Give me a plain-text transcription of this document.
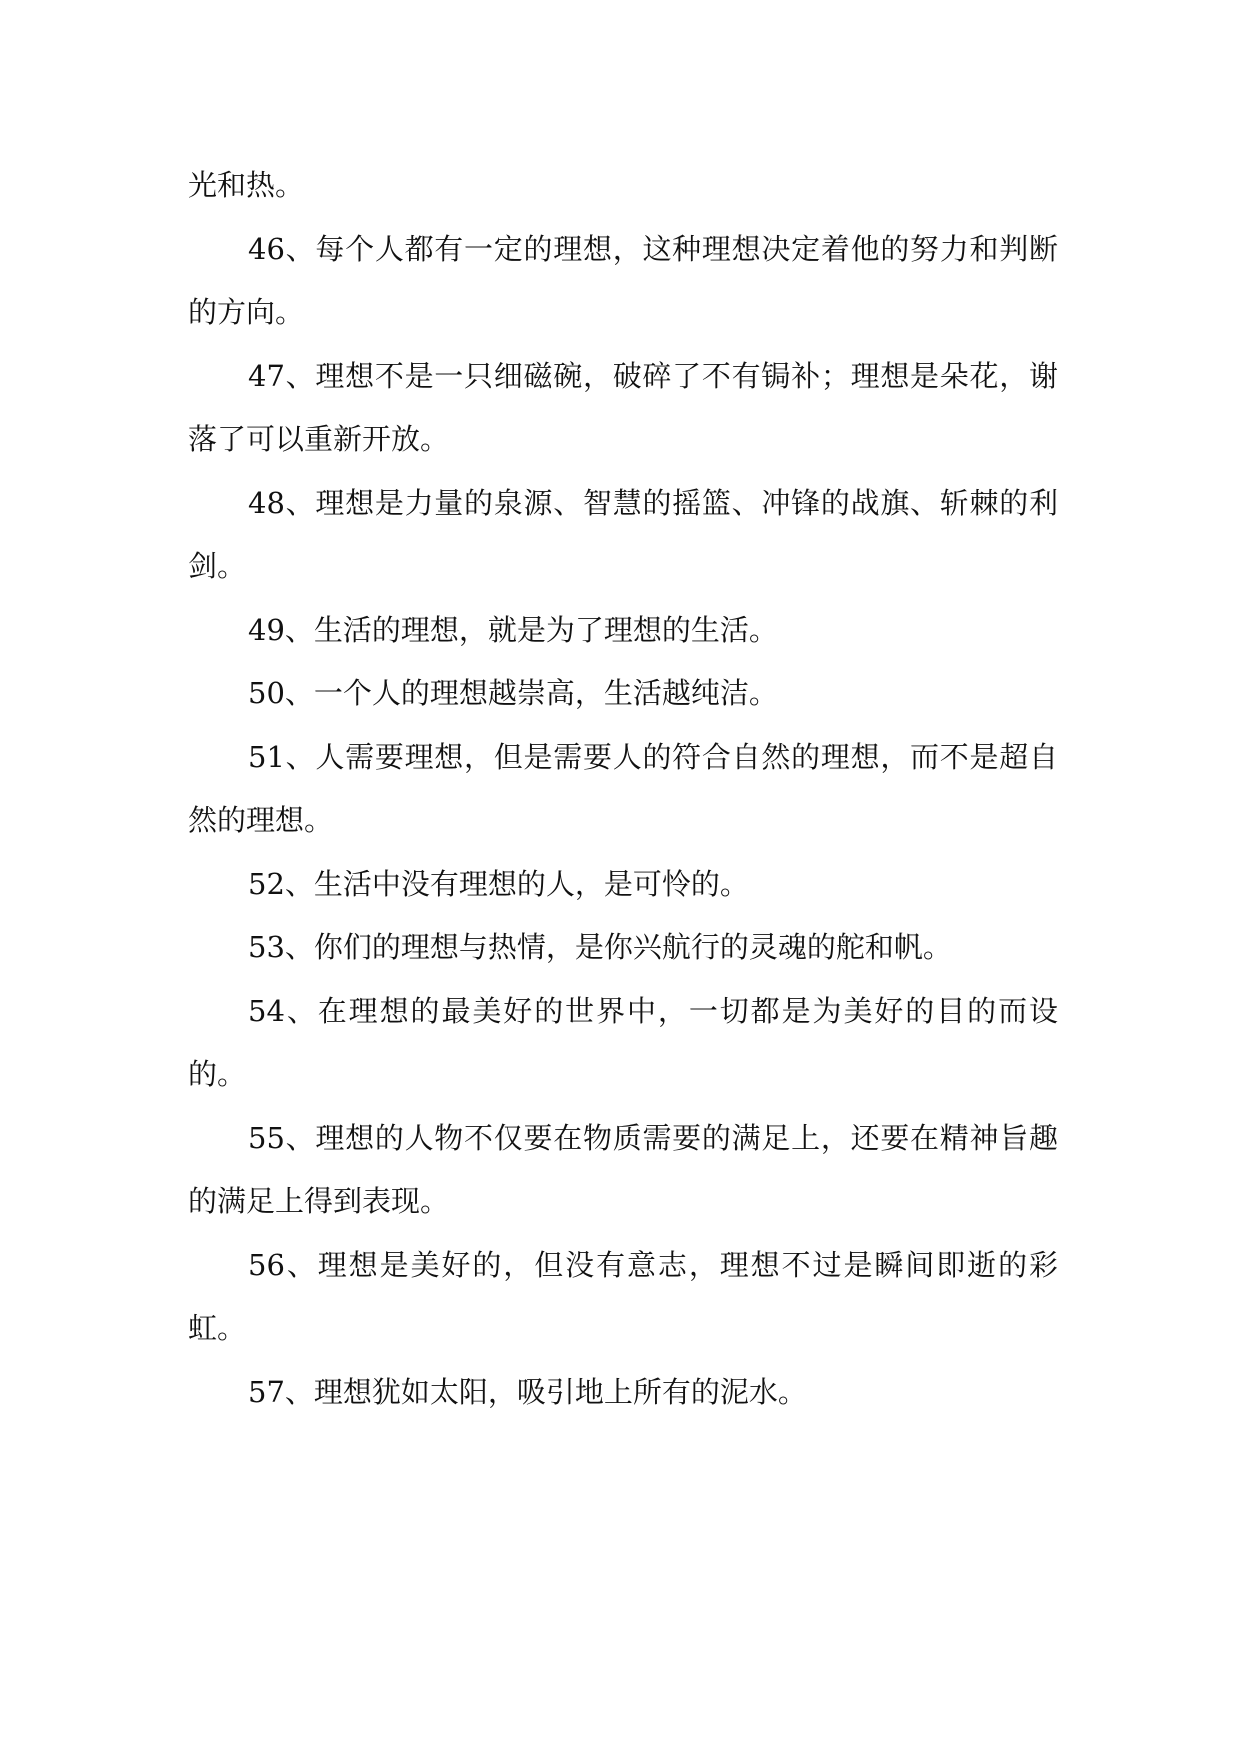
光和热。

46、每个人都有一定的理想，这种理想决定着他的努力和判断的方向。

47、理想不是一只细磁碗，破碎了不有锔补；理想是朵花，谢落了可以重新开放。

48、理想是力量的泉源、智慧的摇篮、冲锋的战旗、斩棘的利剑。

49、生活的理想，就是为了理想的生活。

50、一个人的理想越崇高，生活越纯洁。

51、人需要理想，但是需要人的符合自然的理想，而不是超自然的理想。

52、生活中没有理想的人，是可怜的。

53、你们的理想与热情，是你兴航行的灵魂的舵和帆。

54、在理想的最美好的世界中，一切都是为美好的目的而设的。

55、理想的人物不仅要在物质需要的满足上，还要在精神旨趣的满足上得到表现。

56、理想是美好的，但没有意志，理想不过是瞬间即逝的彩虹。

57、理想犹如太阳，吸引地上所有的泥水。
